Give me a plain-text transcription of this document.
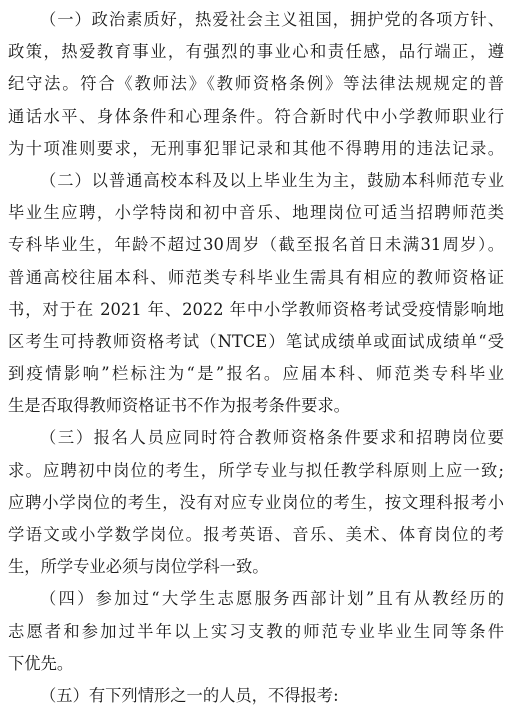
（一）政治素质好，热爱社会主义祖国，拥护党的各项方针、
政策，热爱教育事业，有强烈的事业心和责任感，品行端正，遵
纪守法。符合《教师法》《教师资格条例》等法律法规规定的普
通话水平、身体条件和心理条件。符合新时代中小学教师职业行
为十项准则要求，无刑事犯罪记录和其他不得聘用的违法记录。
（二）以普通高校本科及以上毕业生为主，鼓励本科师范专业
毕业生应聘，小学特岗和初中音乐、地理岗位可适当招聘师范类
专科毕业生，年龄不超过30周岁（截至报名首日未满31周岁）。
普通高校往届本科、师范类专科毕业生需具有相应的教师资格证
书，对于在 2021 年、2022 年中小学教师资格考试受疫情影响地
区考生可持教师资格考试（NTCE）笔试成绩单或面试成绩单“受
到疫情影响”栏标注为“是”报名。应届本科、师范类专科毕业
生是否取得教师资格证书不作为报考条件要求。
（三）报名人员应同时符合教师资格条件要求和招聘岗位要
求。应聘初中岗位的考生，所学专业与拟任教学科原则上应一致;
应聘小学岗位的考生，没有对应专业岗位的考生，按文理科报考小
学语文或小学数学岗位。报考英语、音乐、美术、体育岗位的考
生，所学专业必须与岗位学科一致。
（四）参加过“大学生志愿服务西部计划”且有从教经历的
志愿者和参加过半年以上实习支教的师范专业毕业生同等条件
下优先。
（五）有下列情形之一的人员，不得报考:
